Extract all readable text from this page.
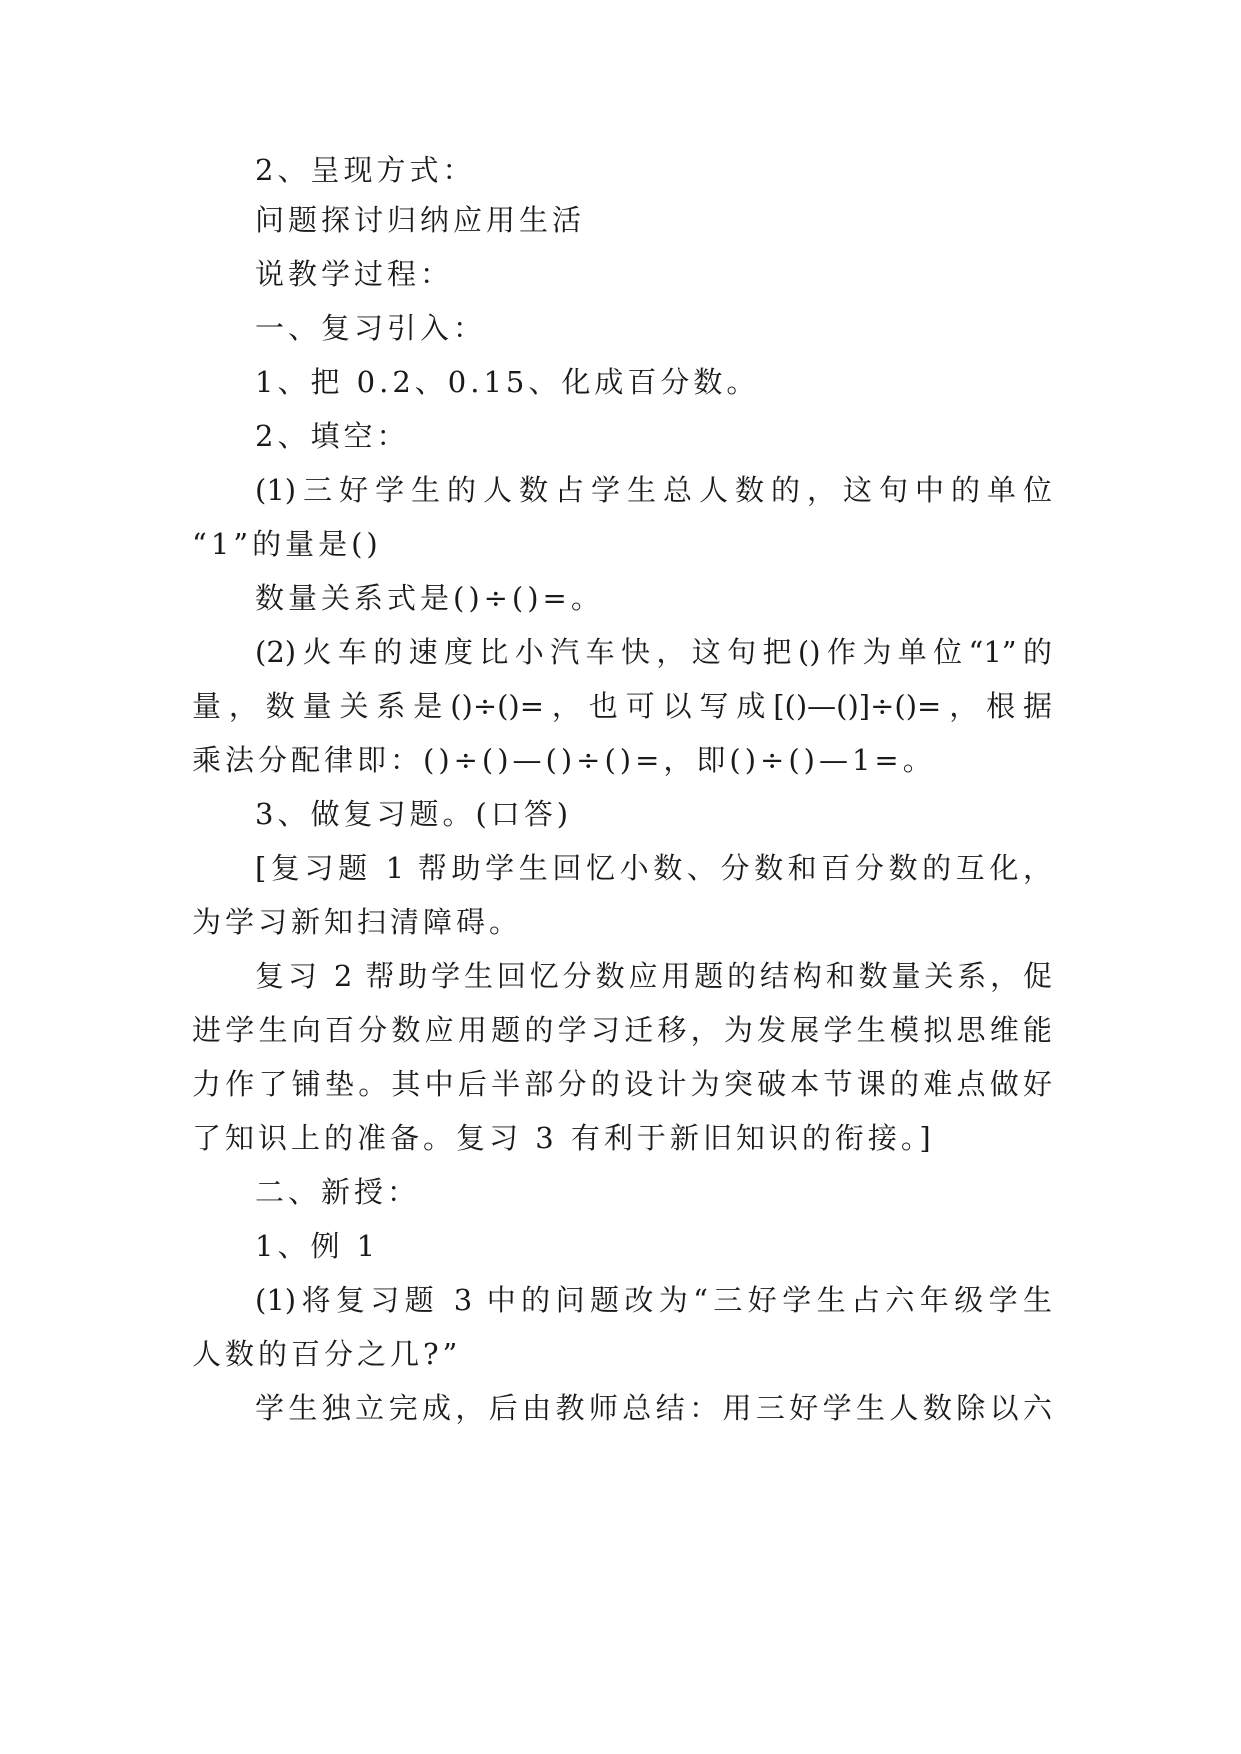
2、呈现方式：
问题探讨归纳应用生活
说教学过程：
一、复习引入：
1、把 0.2、0.15、化成百分数。
2、填空：
(1)三好学生的人数占学生总人数的，这句中的单位
“1”的量是()
数量关系式是()÷()=。
(2)火车的速度比小汽车快，这句把()作为单位“1”的
量，数量关系是()÷()=，也可以写成[()—()]÷()=，根据
乘法分配律即：()÷()—()÷()=，即()÷()—1=。
3、做复习题。(口答)
[复习题 1 帮助学生回忆小数、分数和百分数的互化，
为学习新知扫清障碍。
复习 2 帮助学生回忆分数应用题的结构和数量关系，促
进学生向百分数应用题的学习迁移，为发展学生模拟思维能
力作了铺垫。其中后半部分的设计为突破本节课的难点做好
了知识上的准备。复习 3 有利于新旧知识的衔接。]
二、新授：
1、例 1
(1)将复习题 3 中的问题改为“三好学生占六年级学生
人数的百分之几?”
学生独立完成，后由教师总结：用三好学生人数除以六
